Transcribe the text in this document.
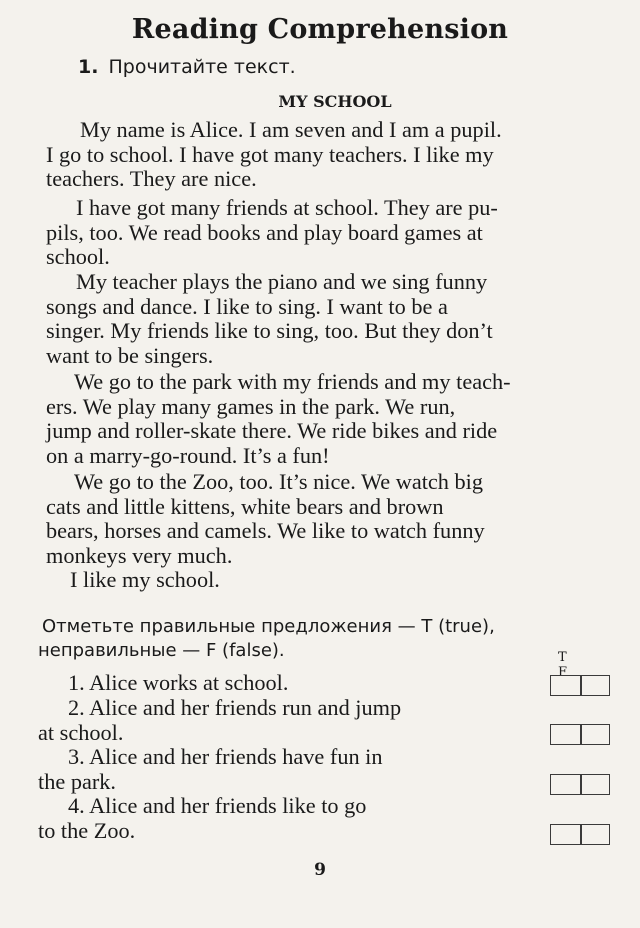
Reading Comprehension
1. Прочитайте текст.
MY SCHOOL
My name is Alice. I am seven and I am a pupil.
I go to school. I have got many teachers. I like my
teachers. They are nice.
I have got many friends at school. They are pu-
pils, too. We read books and play board games at
school.
My teacher plays the piano and we sing funny
songs and dance. I like to sing. I want to be a
singer. My friends like to sing, too. But they don’t
want to be singers.
We go to the park with my friends and my teach-
ers. We play many games in the park. We run,
jump and roller-skate there. We ride bikes and ride
on a marry-go-round. It’s a fun!
We go to the Zoo, too. It’s nice. We watch big
cats and little kittens, white bears and brown
bears, horses and camels. We like to watch funny
monkeys very much.
I like my school.
Отметьте правильные предложения — T (true),
неправильные — F (false).	T F
1. Alice works at school.
2. Alice and her friends run and jump
at school.
3. Alice and her friends have fun in
the park.
4. Alice and her friends like to go
to the Zoo.
9
